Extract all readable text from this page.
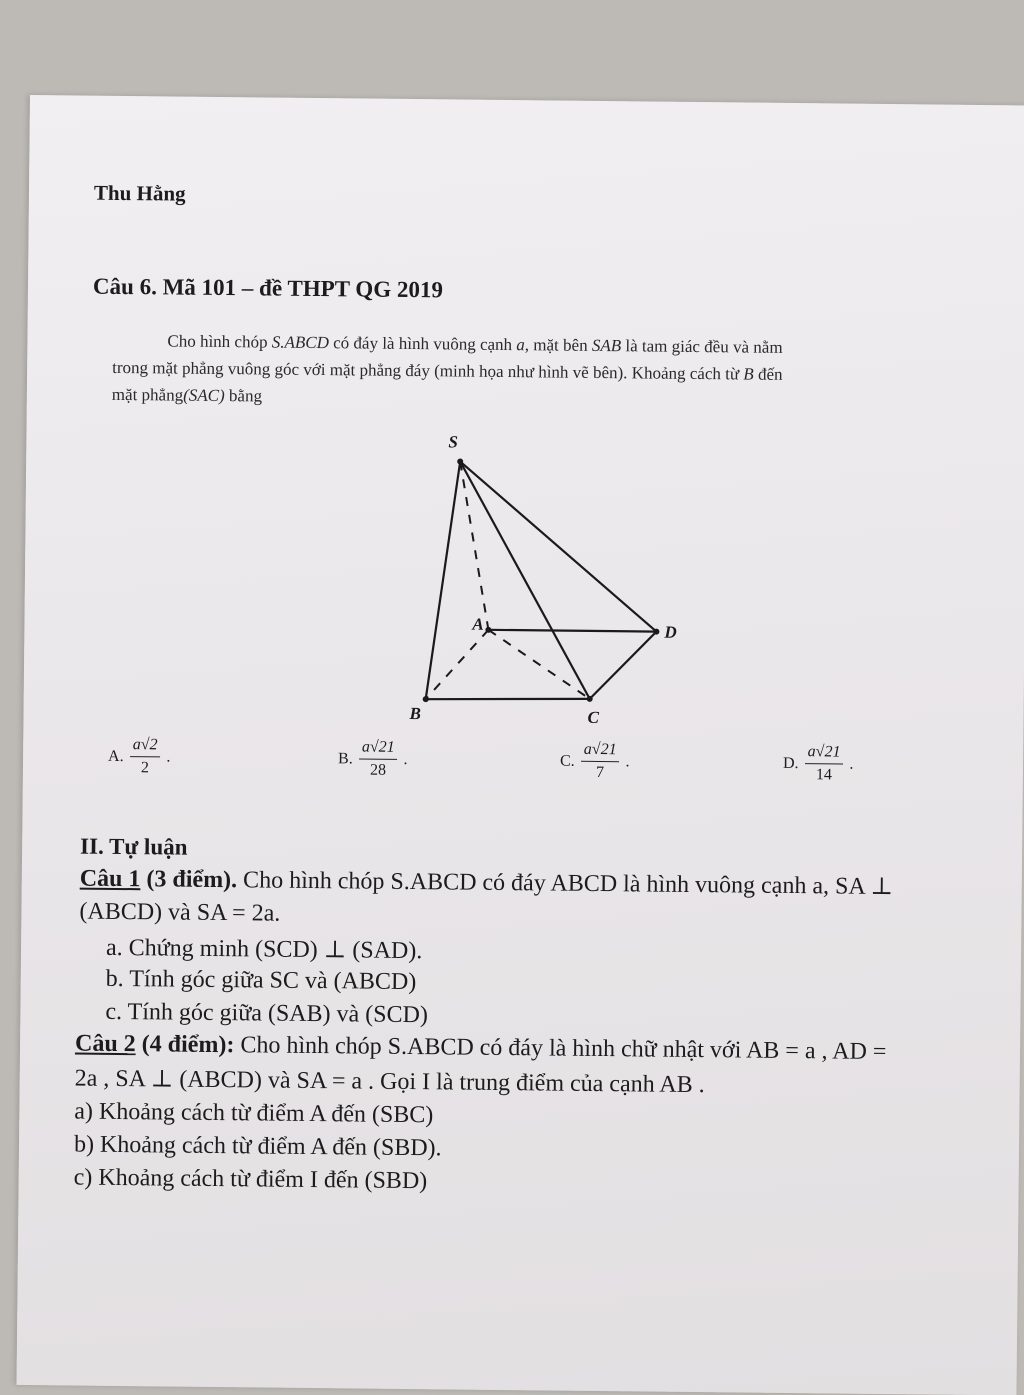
Thu Hằng
Câu 6. Mã 101 – đề THPT QG 2019
Cho hình chóp S.ABCD có đáy là hình vuông cạnh a, mặt bên SAB là tam giác đều và nằm
trong mặt phẳng vuông góc với mặt phẳng đáy (minh họa như hình vẽ bên). Khoảng cách từ B đến
mặt phẳng(SAC) bằng
S
A
B	C
D
A. $\frac{a√2}{2}$ .	B. $\frac{a√21}{28}$ .	C. $\frac{a√21}{7}$ .	D. $\frac{a√21}{14}$ .
II. Tự luận
Câu 1 (3 điểm). Cho hình chóp S.ABCD có đáy ABCD là hình vuông cạnh a, SA ⊥
(ABCD) và SA = 2a.
a. Chứng minh (SCD) ⊥ (SAD).
b. Tính góc giữa SC và (ABCD)
c. Tính góc giữa (SAB) và (SCD)
Câu 2 (4 điểm): Cho hình chóp S.ABCD có đáy là hình chữ nhật với AB = a , AD =
2a , SA ⊥ (ABCD) và SA = a . Gọi I là trung điểm của cạnh AB .
a) Khoảng cách từ điểm A đến (SBC)
b) Khoảng cách từ điểm A đến (SBD).
c) Khoảng cách từ điểm I đến (SBD)
